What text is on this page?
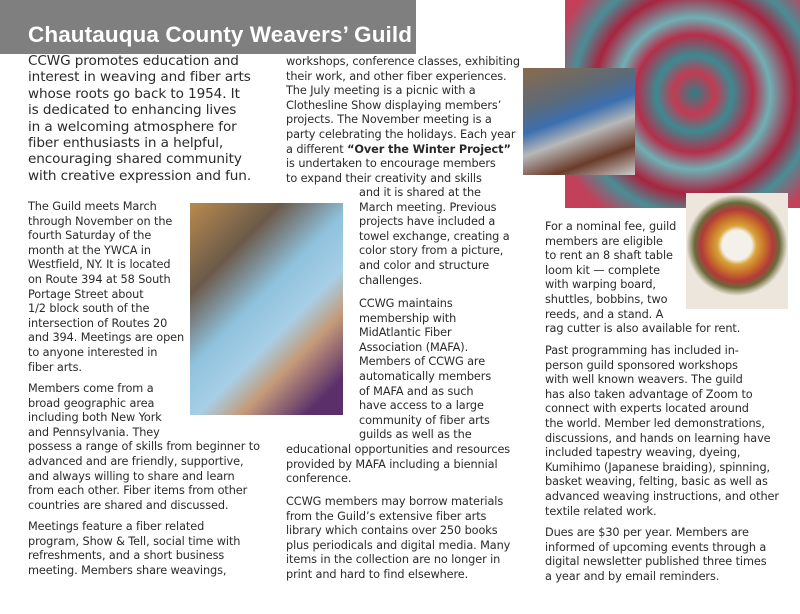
Chautauqua County Weavers’ Guild
CCWG promotes education and
interest in weaving and fiber arts
whose roots go back to 1954. It
is dedicated to enhancing lives
in a welcoming atmosphere for
fiber enthusiasts in a helpful,
encouraging shared community
with creative expression and fun.
The Guild meets March
through November on the
fourth Saturday of the
month at the YWCA in
Westfield, NY. It is located
on Route 394 at 58 South
Portage Street about
1/2 block south of the
intersection of Routes 20
and 394. Meetings are open
to anyone interested in
fiber arts.
Members come from a
broad geographic area
including both New York
and Pennsylvania. They
possess a range of skills from beginner to
advanced and are friendly, supportive,
and always willing to share and learn
from each other. Fiber items from other
countries are shared and discussed.
Meetings feature a fiber related
program, Show & Tell, social time with
refreshments, and a short business
meeting. Members share weavings,
workshops, conference classes, exhibiting
their work, and other fiber experiences.
The July meeting is a picnic with a
Clothesline Show displaying members’
projects. The November meeting is a
party celebrating the holidays. Each year
a different “Over the Winter Project”
is undertaken to encourage members
to expand their creativity and skills
and it is shared at the
March meeting. Previous
projects have included a
towel exchange, creating a
color story from a picture,
and color and structure
challenges.
CCWG maintains
membership with
MidAtlantic Fiber
Association (MAFA).
Members of CCWG are
automatically members
of MAFA and as such
have access to a large
community of fiber arts
guilds as well as the
educational opportunities and resources
provided by MAFA including a biennial
conference.
CCWG members may borrow materials
from the Guild’s extensive fiber arts
library which contains over 250 books
plus periodicals and digital media. Many
items in the collection are no longer in
print and hard to find elsewhere.
For a nominal fee, guild
members are eligible
to rent an 8 shaft table
loom kit — complete
with warping board,
shuttles, bobbins, two
reeds, and a stand. A
rag cutter is also available for rent.
Past programming has included in-
person guild sponsored workshops
with well known weavers. The guild
has also taken advantage of Zoom to
connect with experts located around
the world. Member led demonstrations,
discussions, and hands on learning have
included tapestry weaving, dyeing,
Kumihimo (Japanese braiding), spinning,
basket weaving, felting, basic as well as
advanced weaving instructions, and other
textile related work.
Dues are $30 per year. Members are
informed of upcoming events through a
digital newsletter published three times
a year and by email reminders.
